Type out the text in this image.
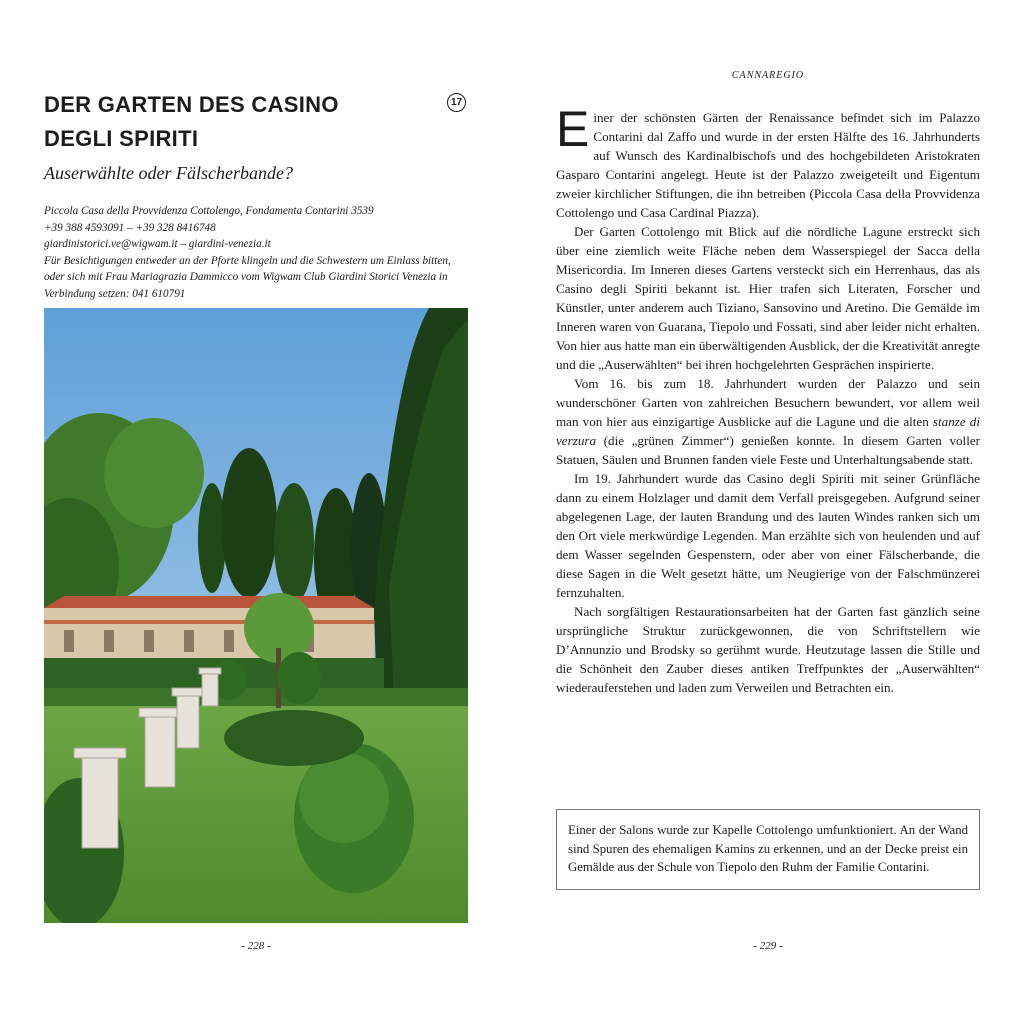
DER GARTEN DES CASINO
DEGLI SPIRITI
17
Auserwählte oder Fälscherbande?
Piccola Casa della Provvidenza Cottolengo, Fondamenta Contarini 3539
+39 388 4593091 – +39 328 8416748
giardinistorici.ve@wigwam.it – giardini-venezia.it
Für Besichtigungen entweder an der Pforte klingeln und die Schwestern um Einlass bitten, oder sich mit Frau Mariagrazia Dammicco vom Wigwam Club Giardini Storici Venezia in Verbindung setzen: 041 610791
- 228 -
CANNAREGIO

Einer der schönsten Gärten der Renaissance befindet sich im Palazzo Contarini dal Zaffo und wurde in der ersten Hälfte des 16. Jahrhunderts auf Wunsch des Kardinalbischofs und des hochgebildeten Aristokraten Gasparo Contarini angelegt. Heute ist der Palazzo zweigeteilt und Eigentum zweier kirchlicher Stiftungen, die ihn betreiben (Piccola Casa della Provvidenza Cottolengo und Casa Cardinal Piazza).

Der Garten Cottolengo mit Blick auf die nördliche Lagune erstreckt sich über eine ziemlich weite Fläche neben dem Wasserspiegel der Sacca della Misericordia. Im Inneren dieses Gartens versteckt sich ein Herrenhaus, das als Casino degli Spiriti bekannt ist. Hier trafen sich Literaten, Forscher und Künstler, unter anderem auch Tiziano, Sansovino und Aretino. Die Gemälde im Inneren waren von Guarana, Tiepolo und Fossati, sind aber leider nicht erhalten. Von hier aus hatte man ein überwältigenden Ausblick, der die Kreativität anregte und die „Auserwählten“ bei ihren hochgelehrten Gesprächen inspirierte.

Vom 16. bis zum 18. Jahrhundert wurden der Palazzo und sein wunderschöner Garten von zahlreichen Besuchern bewundert, vor allem weil man von hier aus einzigartige Ausblicke auf die Lagune und die alten stanze di verzura (die „grünen Zimmer“) genießen konnte. In diesem Garten voller Statuen, Säulen und Brunnen fanden viele Feste und Unterhaltungsabende statt.

Im 19. Jahrhundert wurde das Casino degli Spiriti mit seiner Grünfläche dann zu einem Holzlager und damit dem Verfall preisgegeben. Aufgrund seiner abgelegenen Lage, der lauten Brandung und des lauten Windes ranken sich um den Ort viele merkwürdige Legenden. Man erzählte sich von heulenden und auf dem Wasser segelnden Gespenstern, oder aber von einer Fälscherbande, die diese Sagen in die Welt gesetzt hätte, um Neugierige von der Falschmünzerei fernzuhalten.

Nach sorgfältigen Restaurationsarbeiten hat der Garten fast gänzlich seine ursprüngliche Struktur zurückgewonnen, die von Schriftstellern wie D’Annunzio und Brodsky so gerühmt wurde. Heutzutage lassen die Stille und die Schönheit den Zauber dieses antiken Treffpunktes der „Auserwählten“ wiederauferstehen und laden zum Verweilen und Betrachten ein.

Einer der Salons wurde zur Kapelle Cottolengo umfunktioniert. An der Wand sind Spuren des ehemaligen Kamins zu erkennen, und an der Decke preist ein Gemälde aus der Schule von Tiepolo den Ruhm der Familie Contarini.
- 229 -
